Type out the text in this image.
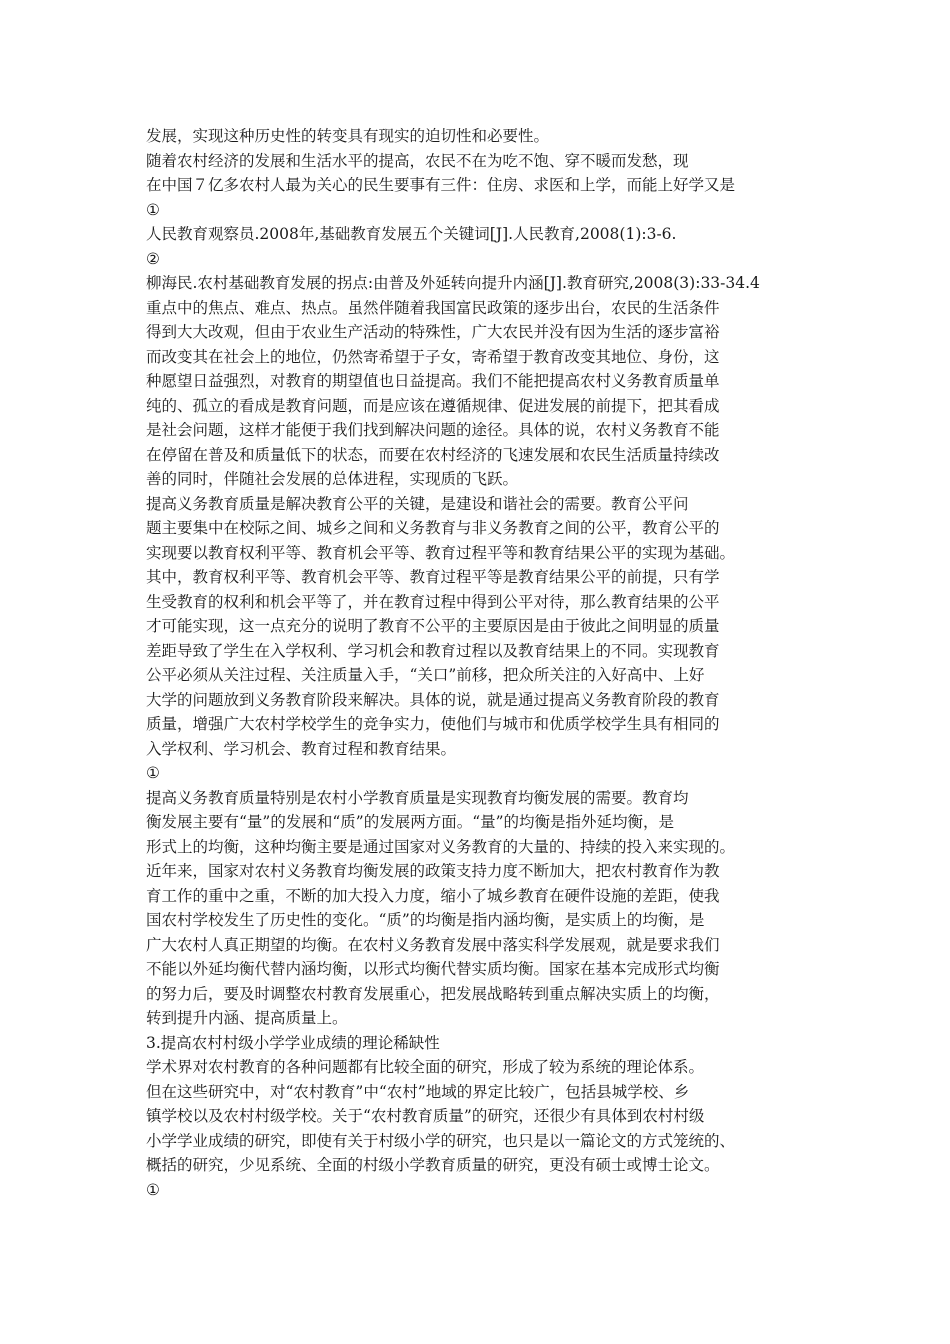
发展，实现这种历史性的转变具有现实的迫切性和必要性。
随着农村经济的发展和生活水平的提高，农民不在为吃不饱、穿不暖而发愁，现
在中国７亿多农村人最为关心的民生要事有三件：住房、求医和上学，而能上好学又是
①
人民教育观察员.2008年,基础教育发展五个关键词[J].人民教育,2008(1):3-6.
②
柳海民.农村基础教育发展的拐点:由普及外延转向提升内涵[J].教育研究,2008(3):33-34.4
重点中的焦点、难点、热点。虽然伴随着我国富民政策的逐步出台，农民的生活条件
得到大大改观，但由于农业生产活动的特殊性，广大农民并没有因为生活的逐步富裕
而改变其在社会上的地位，仍然寄希望于子女，寄希望于教育改变其地位、身份，这
种愿望日益强烈，对教育的期望值也日益提高。我们不能把提高农村义务教育质量单
纯的、孤立的看成是教育问题，而是应该在遵循规律、促进发展的前提下，把其看成
是社会问题，这样才能便于我们找到解决问题的途径。具体的说，农村义务教育不能
在停留在普及和质量低下的状态，而要在农村经济的飞速发展和农民生活质量持续改
善的同时，伴随社会发展的总体进程，实现质的飞跃。
提高义务教育质量是解决教育公平的关键，是建设和谐社会的需要。教育公平问
题主要集中在校际之间、城乡之间和义务教育与非义务教育之间的公平，教育公平的
实现要以教育权利平等、教育机会平等、教育过程平等和教育结果公平的实现为基础。
其中，教育权利平等、教育机会平等、教育过程平等是教育结果公平的前提，只有学
生受教育的权利和机会平等了，并在教育过程中得到公平对待，那么教育结果的公平
才可能实现，这一点充分的说明了教育不公平的主要原因是由于彼此之间明显的质量
差距导致了学生在入学权利、学习机会和教育过程以及教育结果上的不同。实现教育
公平必须从关注过程、关注质量入手，“关口”前移，把众所关注的入好高中、上好
大学的问题放到义务教育阶段来解决。具体的说，就是通过提高义务教育阶段的教育
质量，增强广大农村学校学生的竞争实力，使他们与城市和优质学校学生具有相同的
入学权利、学习机会、教育过程和教育结果。
①
提高义务教育质量特别是农村小学教育质量是实现教育均衡发展的需要。教育均
衡发展主要有“量”的发展和“质”的发展两方面。“量”的均衡是指外延均衡，是
形式上的均衡，这种均衡主要是通过国家对义务教育的大量的、持续的投入来实现的。
近年来，国家对农村义务教育均衡发展的政策支持力度不断加大，把农村教育作为教
育工作的重中之重，不断的加大投入力度，缩小了城乡教育在硬件设施的差距，使我
国农村学校发生了历史性的变化。“质”的均衡是指内涵均衡，是实质上的均衡，是
广大农村人真正期望的均衡。在农村义务教育发展中落实科学发展观，就是要求我们
不能以外延均衡代替内涵均衡，以形式均衡代替实质均衡。国家在基本完成形式均衡
的努力后，要及时调整农村教育发展重心，把发展战略转到重点解决实质上的均衡，
转到提升内涵、提高质量上。
3.提高农村村级小学学业成绩的理论稀缺性
学术界对农村教育的各种问题都有比较全面的研究，形成了较为系统的理论体系。
但在这些研究中，对“农村教育”中“农村”地域的界定比较广，包括县城学校、乡
镇学校以及农村村级学校。关于“农村教育质量”的研究，还很少有具体到农村村级
小学学业成绩的研究，即使有关于村级小学的研究，也只是以一篇论文的方式笼统的、
概括的研究，少见系统、全面的村级小学教育质量的研究，更没有硕士或博士论文。
①
